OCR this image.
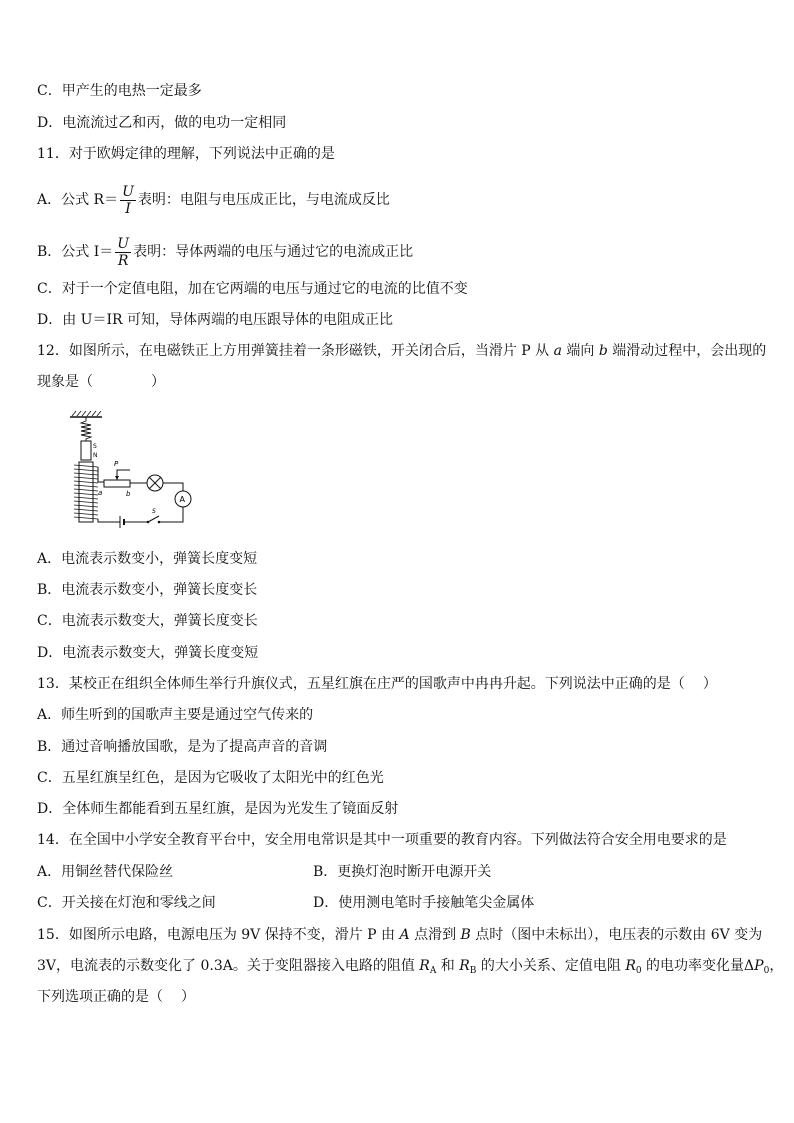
C．甲产生的电热一定最多
D．电流流过乙和丙，做的电功一定相同
11．对于欧姆定律的理解，下列说法中正确的是
A．公式 $R= \frac{U}{I}$ 表明：电阻与电压成正比，与电流成反比
B．公式 $I= \frac{U}{R}$ 表明：导体两端的电压与通过它的电流成正比
C．对于一个定值电阻，加在它两端的电压与通过它的电流的比值不变
D．由 U＝IR 可知，导体两端的电压跟导体的电阻成正比
12．如图所示，在电磁铁正上方用弹簧挂着一条形磁铁，开关闭合后，当滑片 P 从 a 端向 b 端滑动过程中，会出现的
现象是（	）
S
N
a	b
P
A
S
A．电流表示数变小，弹簧长度变短
B．电流表示数变小，弹簧长度变长
C．电流表示数变大，弹簧长度变长
D．电流表示数变大，弹簧长度变短
13．某校正在组织全体师生举行升旗仪式，五星红旗在庄严的国歌声中冉冉升起。下列说法中正确的是（ ）
A．师生听到的国歌声主要是通过空气传来的
B．通过音响播放国歌，是为了提高声音的音调
C．五星红旗呈红色，是因为它吸收了太阳光中的红色光
D．全体师生都能看到五星红旗，是因为光发生了镜面反射
14．在全国中小学安全教育平台中，安全用电常识是其中一项重要的教育内容。下列做法符合安全用电要求的是
A．用铜丝替代保险丝	B．更换灯泡时断开电源开关
C．开关接在灯泡和零线之间	D．使用测电笔时手接触笔尖金属体
15．如图所示电路，电源电压为 9V 保持不变，滑片 P 由 A 点滑到 B 点时（图中未标出），电压表的示数由 6V 变为
3V，电流表的示数变化了 0.3A。关于变阻器接入电路的阻值 $R_A$ 和 $R_B$ 的大小关系、定值电阻 $R_0$ 的电功率变化量$\Delta P_0$，
下列选项正确的是（ ）
